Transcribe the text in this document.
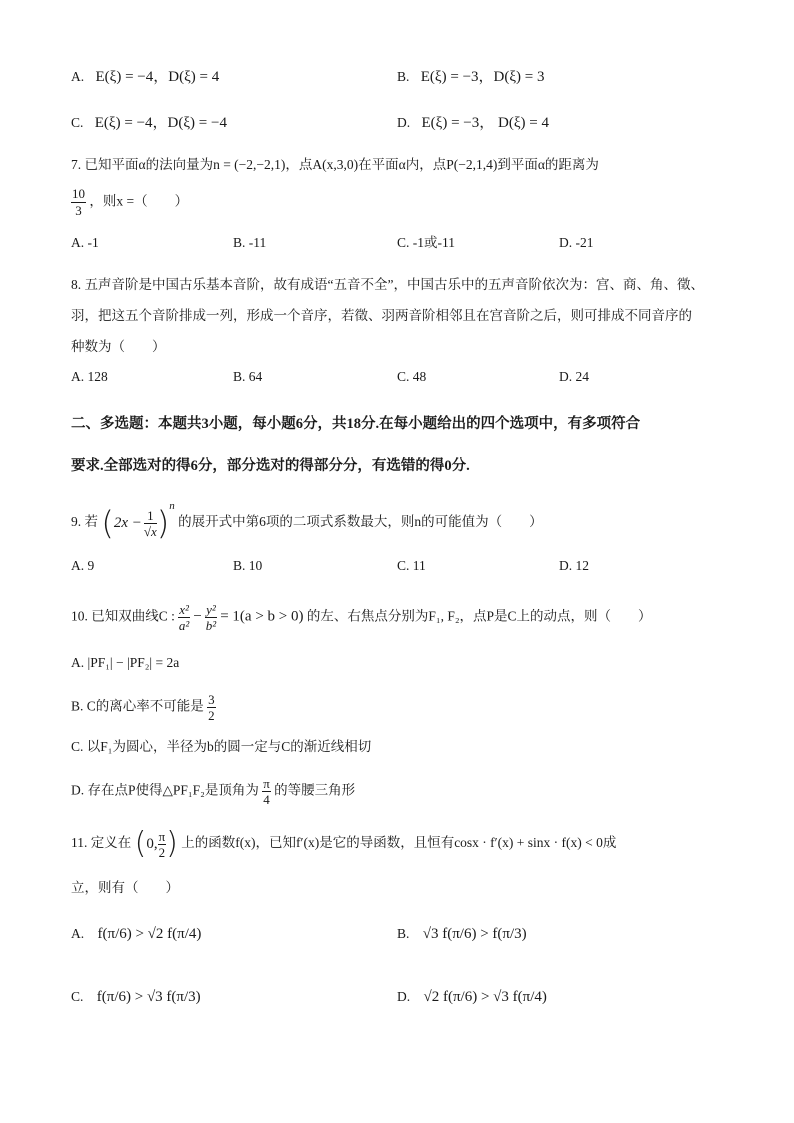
A. E(ξ) = −4，D(ξ) = 4	B. E(ξ) = −3，D(ξ) = 3
C. E(ξ) = −4，D(ξ) = −4	D. E(ξ) = −3， D(ξ) = 4
7. 已知平面α的法向量为n = (−2,−2,1)，点A(x,3,0)在平面α内，点P(−2,1,4)到平面α的距离为
$\frac{10}{3}$ ，则x =（　　）
A. -1	B. -11	C. -1或-11	D. -21
8. 五声音阶是中国古乐基本音阶，故有成语“五音不全”，中国古乐中的五声音阶依次为：宫、商、角、徵、
羽，把这五个音阶排成一列，形成一个音序，若徵、羽两音阶相邻且在宫音阶之后，则可排成不同音序的
种数为（　　）
A. 128	B. 64	C. 48	D. 24
二、多选题：本题共3小题，每小题6分，共18分.在每小题给出的四个选项中，有多项符合
要求.全部选对的得6分，部分选对的得部分分，有选错的得0分.
9. 若 $(2x - \frac{1}{√x} )^n$ 的展开式中第6项的二项式系数最大，则n的可能值为（　　）
A. 9	B. 10	C. 11	D. 12
10. 已知双曲线C : $\frac{\text{x²}}{\text{a²}} - \frac{\text{y²}}{\text{b²}} = 1(a > b > 0)$ 的左、右焦点分别为F₁, F₂，点P是C上的动点，则（　　）
A. |PF₁| − |PF₂| = 2a
B. C的离心率不可能是 $\frac{3}{2}$
C. 以F₁为圆心，半径为b的圆一定与C的渐近线相切
D. 存在点P使得△PF₁F₂是顶角为 $\frac{\pi}{4}$ 的等腰三角形
11. 定义在 (0, $\frac{\pi}{2}$ ) 上的函数f(x)，已知f′(x)是它的导函数，且恒有cosx · f′(x) + sinx · f(x) < 0成
立，则有（　　）
A. f(π/6) > √2 f(π/4)	B. √3 f(π/6) > f(π/3)
C. f(π/6) > √3 f(π/3)	D. √2 f(π/6) > √3 f(π/4)
